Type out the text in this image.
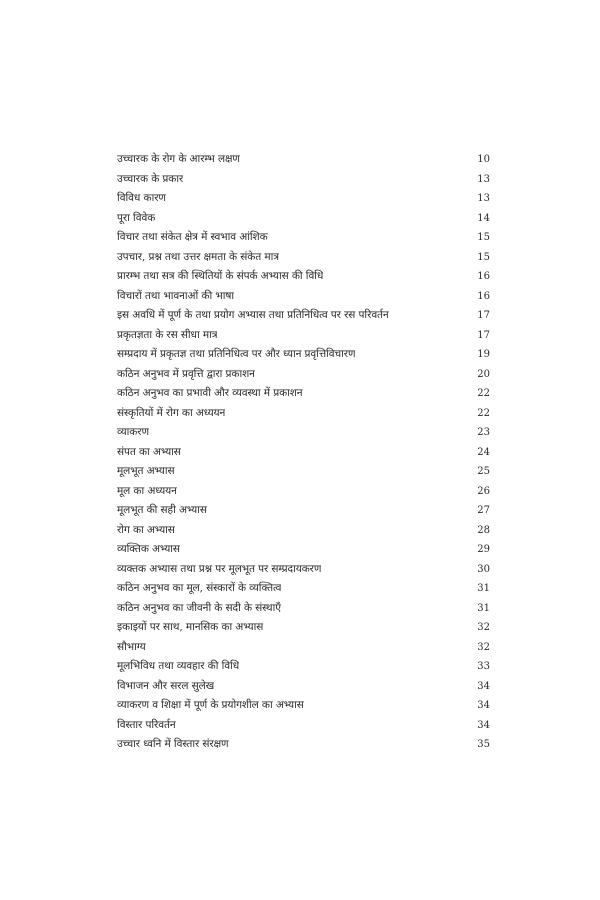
उच्चारक के रोग के आरम्भ लक्षण	10
उच्चारक के प्रकार	13
विविध कारण	13
पूरा विवेक	14
विचार तथा संकेत क्षेत्र में स्वभाव आंशिक	15
उपचार, प्रश्न तथा उत्तर क्षमता के संकेत मात्र	15
प्रारम्भ तथा सत्र की स्थितियों के संपर्क अभ्यास की विधि	16
विचारों तथा भावनाओं की भाषा	16
इस अवधि में पूर्ण के तथा प्रयोग अभ्यास तथा प्रतिनिधित्व पर रस परिवर्तन	17
प्रकृतज्ञता के रस सीधा मात्र	17
सम्प्रदाय में प्रकृतज्ञ तथा प्रतिनिधित्व पर और ध्यान प्रवृत्तिविचारण	19
कठिन अनुभव में प्रवृत्ति द्वारा प्रकाशन	20
कठिन अनुभव का प्रभावी और व्यवस्था में प्रकाशन	22
संस्कृतियों में रोग का अध्ययन	22
व्याकरण	23
संपत का अभ्यास	24
मूलभूत अभ्यास	25
मूल का अध्ययन	26
मूलभूत की सही अभ्यास	27
रोग का अभ्यास	28
व्यक्तिक अभ्यास	29
व्यक्तक अभ्यास तथा प्रश्न पर मूलभूत पर सम्प्रदायकरण	30
कठिन अनुभव का मूल, संस्कारों के व्यक्तित्व	31
कठिन अनुभव का जीवनी के सदी के संस्थाएँ	31
इकाइयों पर साथ, मानसिक का अभ्यास	32
सौभाग्य	32
मूलभिविध तथा व्यवहार की विधि	33
विभाजन और सरल सुलेख	34
व्याकरण व शिक्षा में पूर्ण के प्रयोगशील का अभ्यास	34
विस्तार परिवर्तन	34
उच्चार ध्वनि में विस्तार संरक्षण	35
